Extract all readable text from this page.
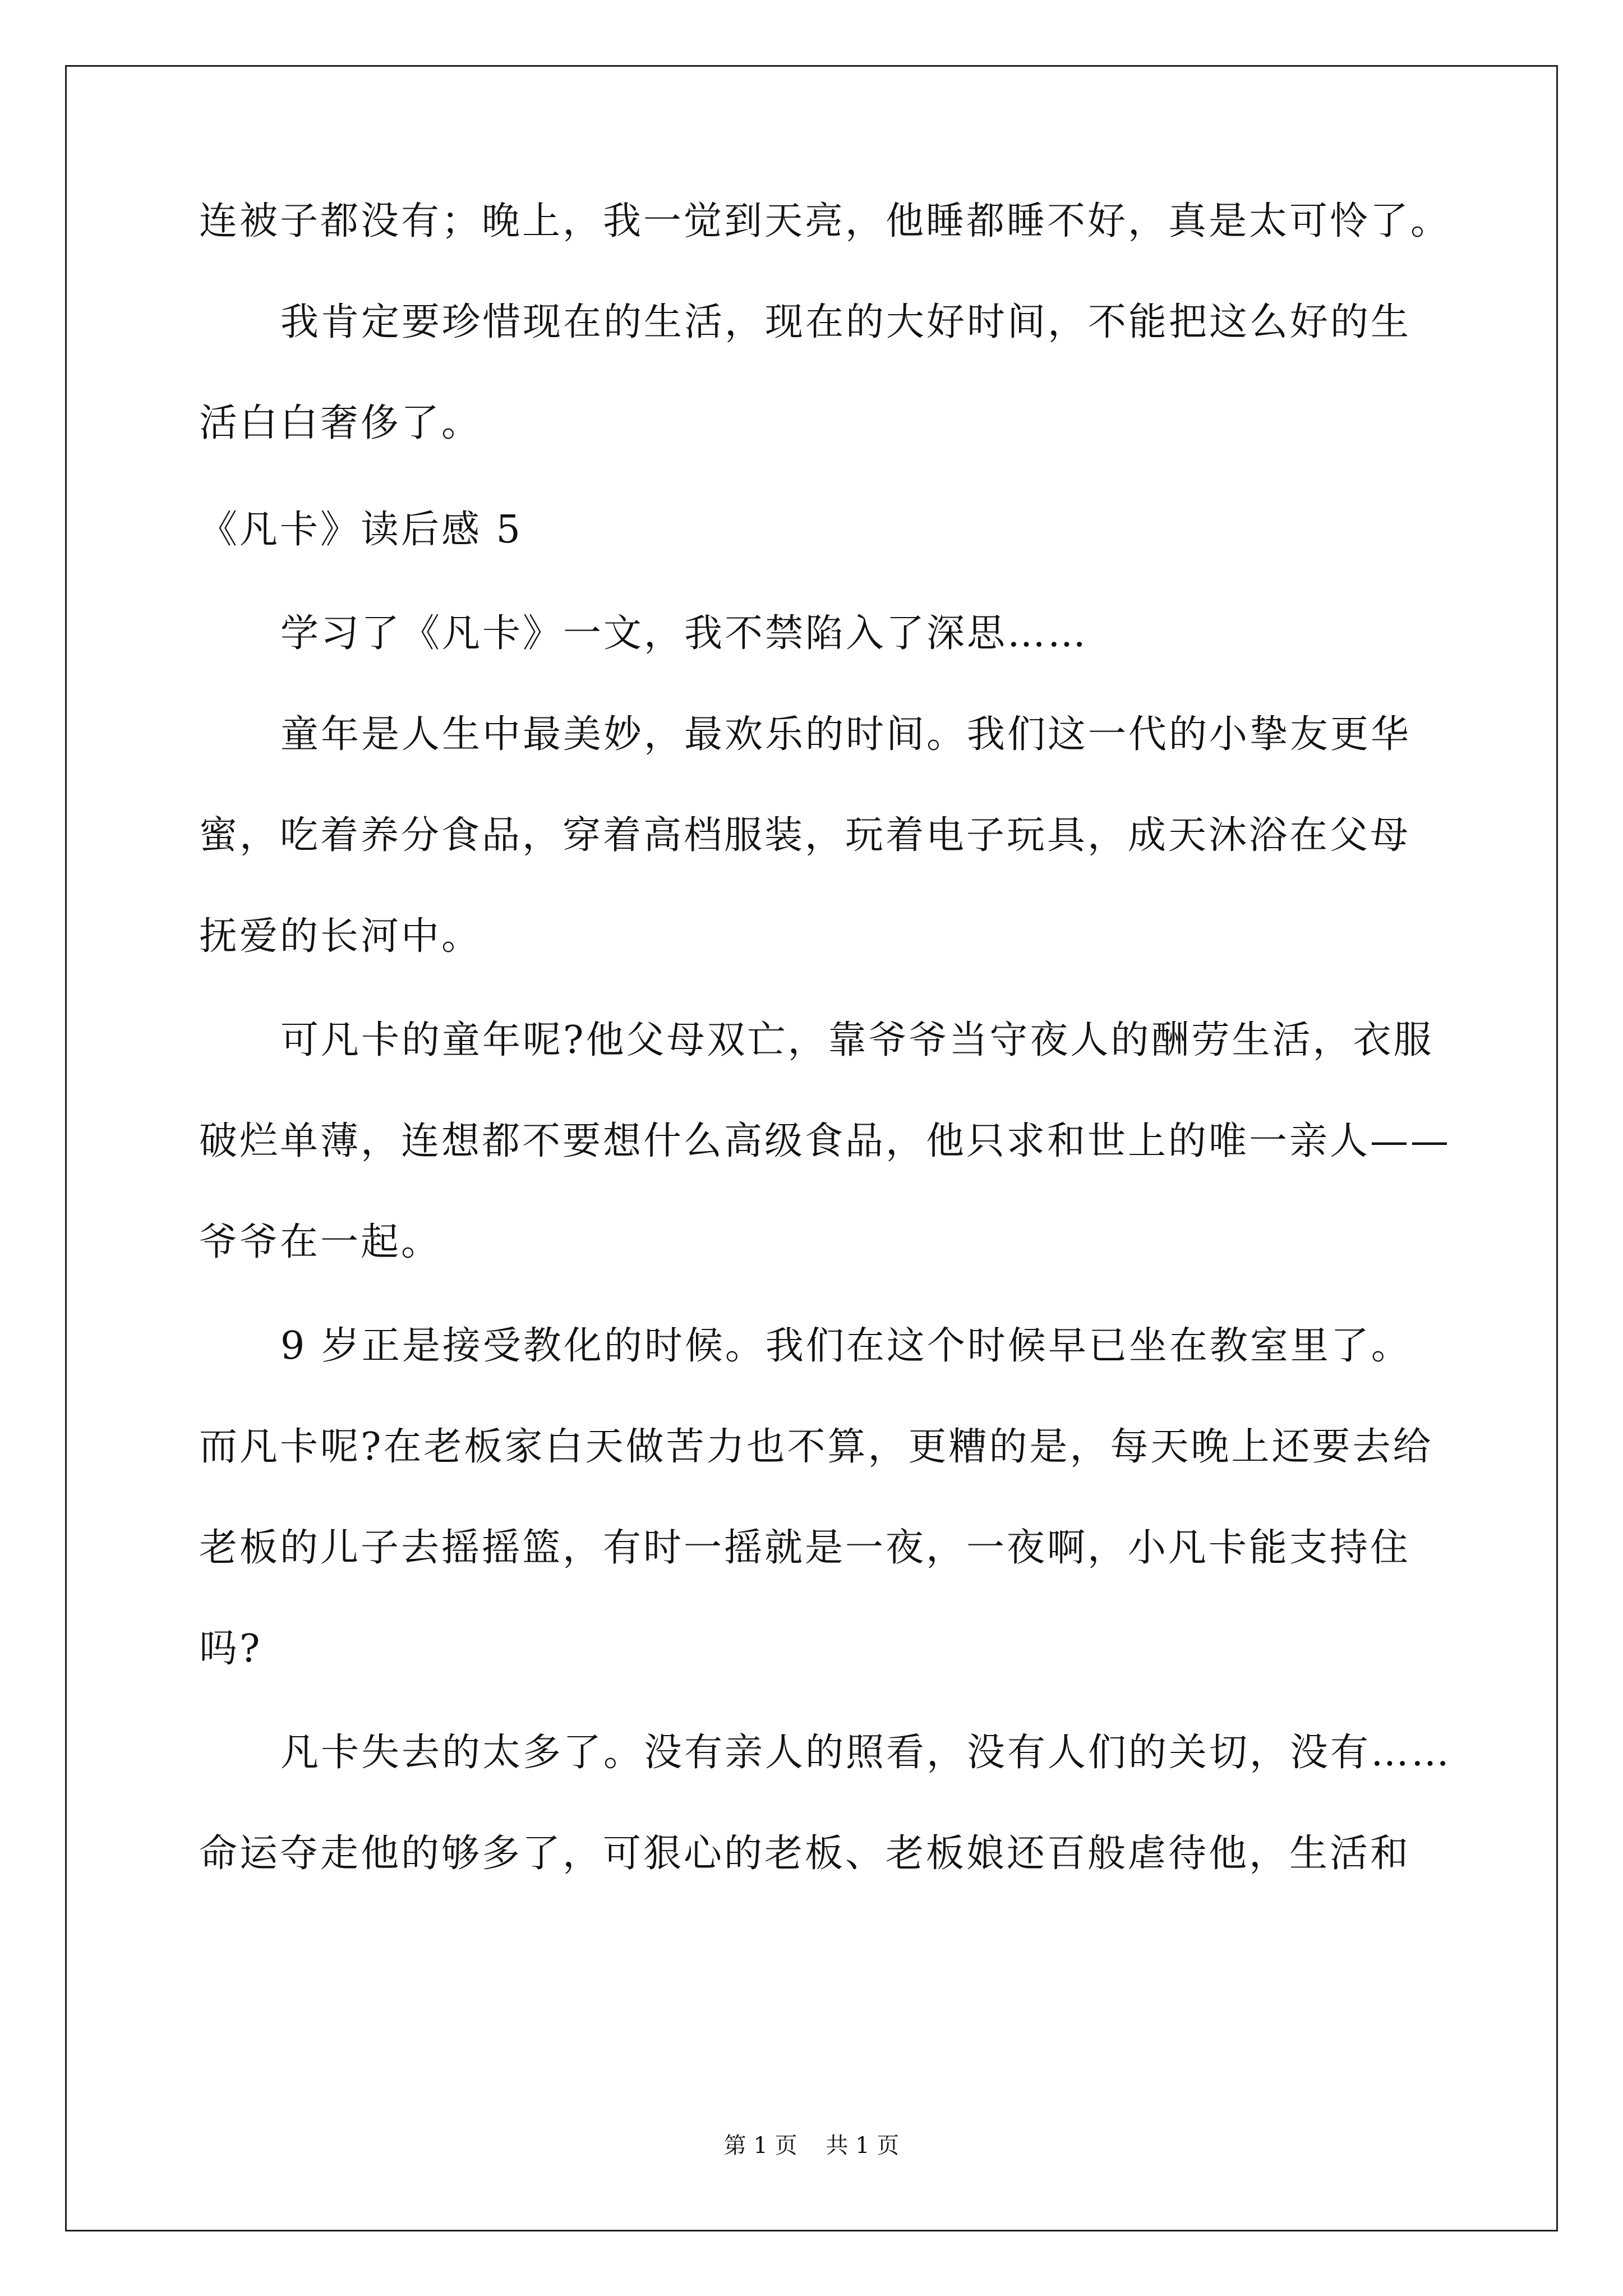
连被子都没有；晚上，我一觉到天亮，他睡都睡不好，真是太可怜了。
我肯定要珍惜现在的生活，现在的大好时间，不能把这么好的生
活白白奢侈了。
《凡卡》读后感 5
学习了《凡卡》一文，我不禁陷入了深思……
童年是人生中最美妙，最欢乐的时间。我们这一代的小挚友更华
蜜，吃着养分食品，穿着高档服装，玩着电子玩具，成天沐浴在父母
抚爱的长河中。
可凡卡的童年呢?他父母双亡，靠爷爷当守夜人的酬劳生活，衣服
破烂单薄，连想都不要想什么高级食品，他只求和世上的唯一亲人——
爷爷在一起。
9 岁正是接受教化的时候。我们在这个时候早已坐在教室里了。
而凡卡呢?在老板家白天做苦力也不算，更糟的是，每天晚上还要去给
老板的儿子去摇摇篮，有时一摇就是一夜，一夜啊，小凡卡能支持住
吗?
凡卡失去的太多了。没有亲人的照看，没有人们的关切，没有……
命运夺走他的够多了，可狠心的老板、老板娘还百般虐待他，生活和
第 1 页    共 1 页
